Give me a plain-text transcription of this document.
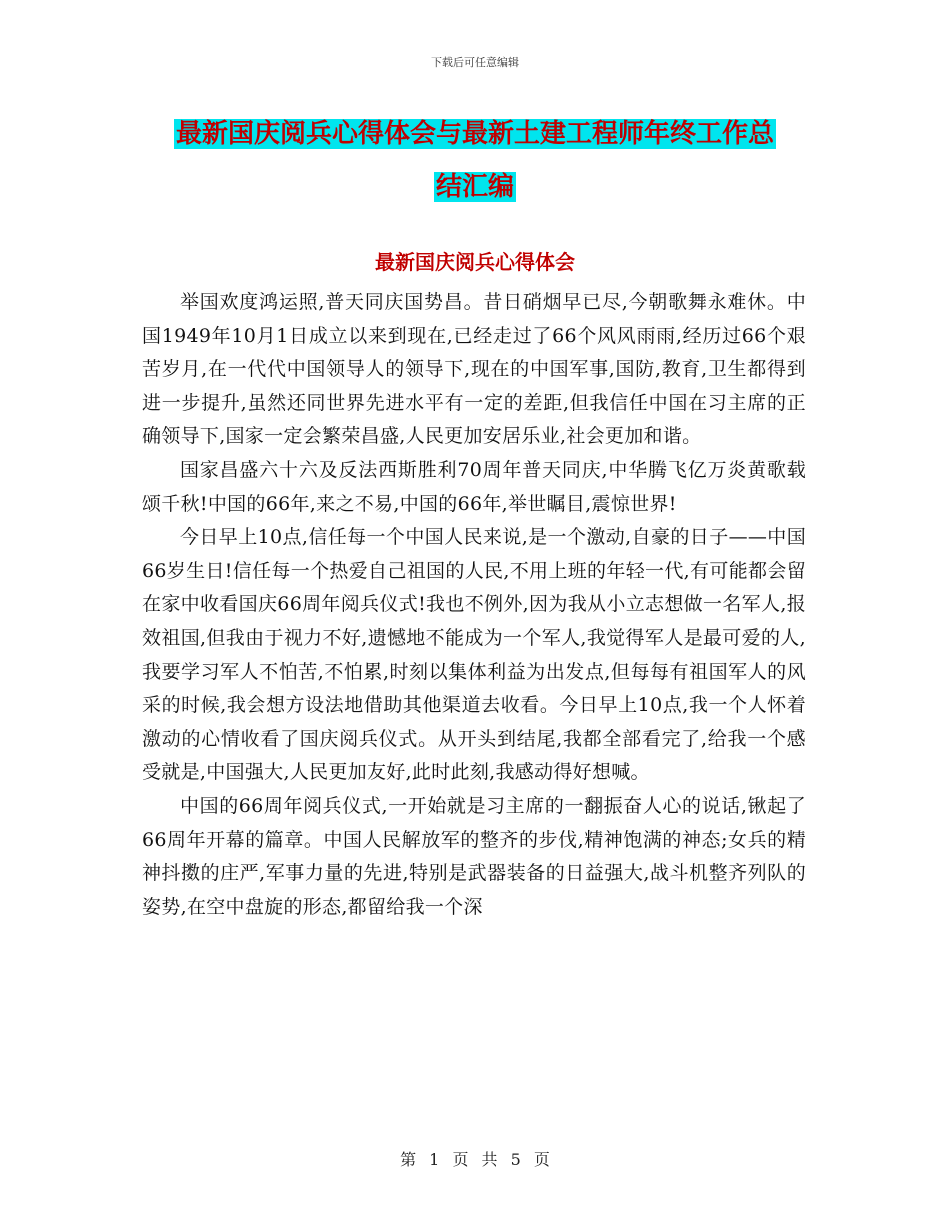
下载后可任意编辑
最新国庆阅兵心得体会与最新土建工程师年终工作总
结汇编
最新国庆阅兵心得体会

举国欢度鸿运照,普天同庆国势昌。昔日硝烟早已尽,今朝歌舞永难休。中国1949年10月1日成立以来到现在,已经走过了66个风风雨雨,经历过66个艰苦岁月,在一代代中国领导人的领导下,现在的中国军事,国防,教育,卫生都得到进一步提升,虽然还同世界先进水平有一定的差距,但我信任中国在习主席的正确领导下,国家一定会繁荣昌盛,人民更加安居乐业,社会更加和谐。

国家昌盛六十六及反法西斯胜利70周年普天同庆,中华腾飞亿万炎黄歌载颂千秋!中国的66年,来之不易,中国的66年,举世瞩目,震惊世界!

今日早上10点,信任每一个中国人民来说,是一个激动,自豪的日子——中国66岁生日!信任每一个热爱自己祖国的人民,不用上班的年轻一代,有可能都会留在家中收看国庆66周年阅兵仪式!我也不例外,因为我从小立志想做一名军人,报效祖国,但我由于视力不好,遗憾地不能成为一个军人,我觉得军人是最可爱的人,我要学习军人不怕苦,不怕累,时刻以集体利益为出发点,但每每有祖国军人的风采的时候,我会想方设法地借助其他渠道去收看。今日早上10点,我一个人怀着激动的心情收看了国庆阅兵仪式。从开头到结尾,我都全部看完了,给我一个感受就是,中国强大,人民更加友好,此时此刻,我感动得好想喊。

中国的66周年阅兵仪式,一开始就是习主席的一翻振奋人心的说话,锹起了66周年开幕的篇章。中国人民解放军的整齐的步伐,精神饱满的神态;女兵的精神抖擞的庄严,军事力量的先进,特别是武器装备的日益强大,战斗机整齐列队的姿势,在空中盘旋的形态,都留给我一个深

第 1 页 共 5 页
